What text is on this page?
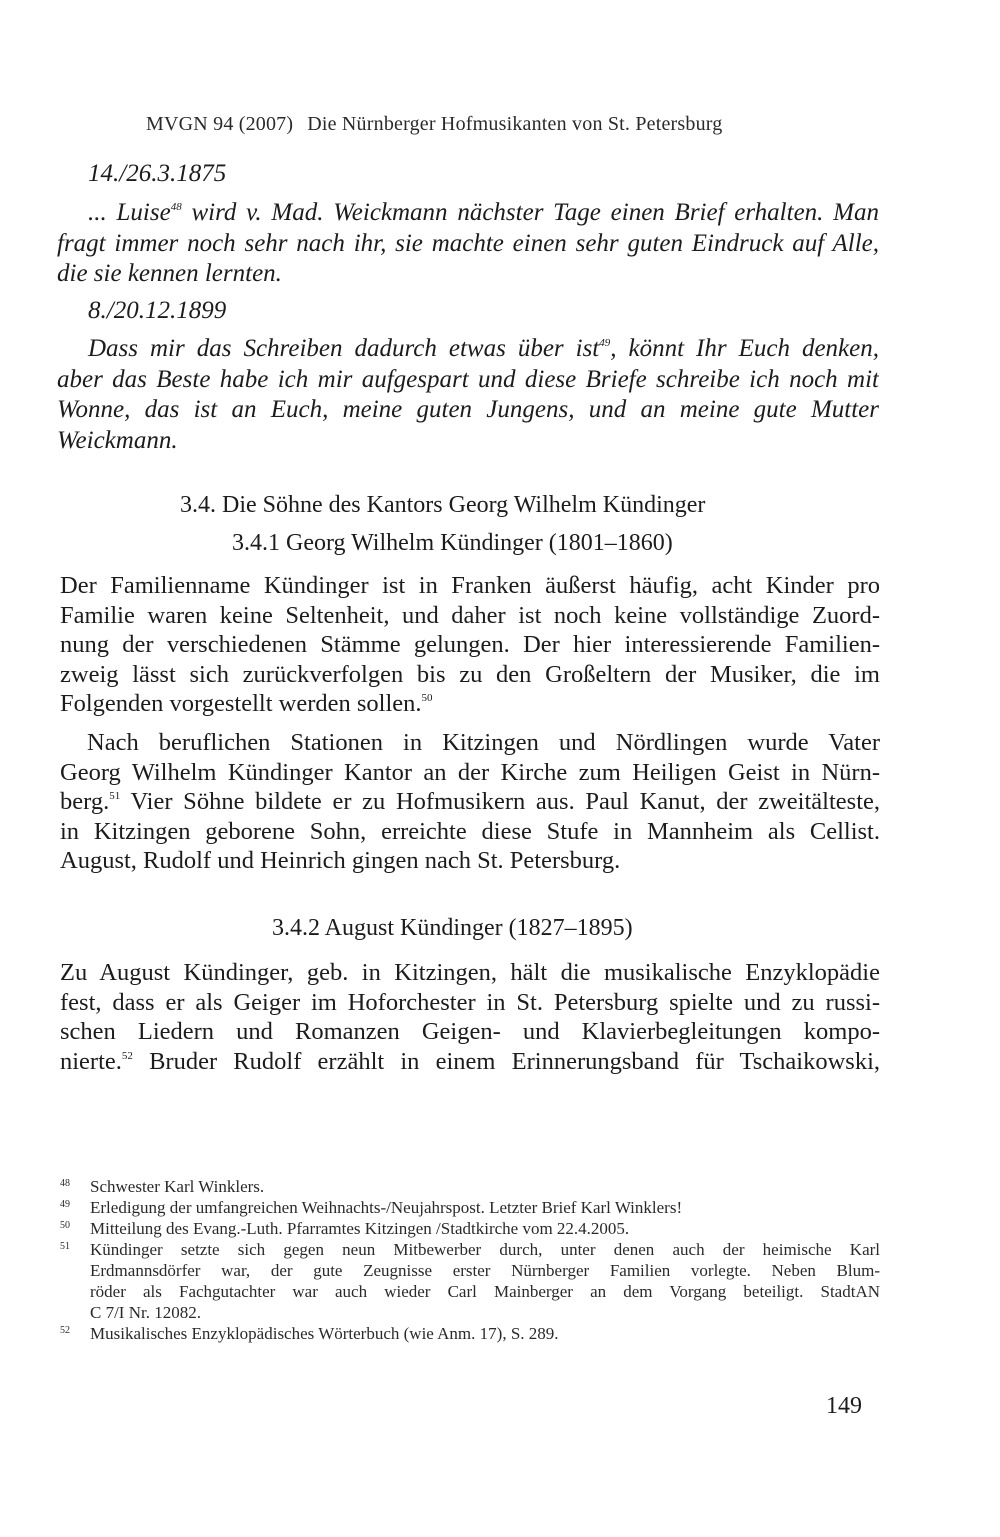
MVGN 94 (2007) Die Nürnberger Hofmusikanten von St. Petersburg
14./26.3.1875
... Luise$^{48}$ wird v. Mad. Weickmann nächster Tage einen Brief erhalten. Man
fragt immer noch sehr nach ihr, sie machte einen sehr guten Eindruck auf Alle,
die sie kennen lernten.
8./20.12.1899
Dass mir das Schreiben dadurch etwas über ist$^{49}$, könnt Ihr Euch denken,
aber das Beste habe ich mir aufgespart und diese Briefe schreibe ich noch mit
Wonne, das ist an Euch, meine guten Jungens, und an meine gute Mutter
Weickmann.
3.4. Die Söhne des Kantors Georg Wilhelm Kündinger
3.4.1 Georg Wilhelm Kündinger (1801–1860)
Der Familienname Kündinger ist in Franken äußerst häufig, acht Kinder pro
Familie waren keine Seltenheit, und daher ist noch keine vollständige Zuord-
nung der verschiedenen Stämme gelungen. Der hier interessierende Familien-
zweig lässt sich zurückverfolgen bis zu den Großeltern der Musiker, die im
Folgenden vorgestellt werden sollen.$^{50}$
Nach beruflichen Stationen in Kitzingen und Nördlingen wurde Vater
Georg Wilhelm Kündinger Kantor an der Kirche zum Heiligen Geist in Nürn-
berg.$^{51}$ Vier Söhne bildete er zu Hofmusikern aus. Paul Kanut, der zweitälteste,
in Kitzingen geborene Sohn, erreichte diese Stufe in Mannheim als Cellist.
August, Rudolf und Heinrich gingen nach St. Petersburg.
3.4.2 August Kündinger (1827–1895)
Zu August Kündinger, geb. in Kitzingen, hält die musikalische Enzyklopädie
fest, dass er als Geiger im Hoforchester in St. Petersburg spielte und zu russi-
schen Liedern und Romanzen Geigen- und Klavierbegleitungen kompo-
nierte.$^{52}$ Bruder Rudolf erzählt in einem Erinnerungsband für Tschaikowski,
48 Schwester Karl Winklers.
49 Erledigung der umfangreichen Weihnachts-/Neujahrspost. Letzter Brief Karl Winklers!
50 Mitteilung des Evang.-Luth. Pfarramtes Kitzingen /Stadtkirche vom 22.4.2005.
51 Kündinger setzte sich gegen neun Mitbewerber durch, unter denen auch der heimische Karl
Erdmannsdörfer war, der gute Zeugnisse erster Nürnberger Familien vorlegte. Neben Blum-
röder als Fachgutachter war auch wieder Carl Mainberger an dem Vorgang beteiligt. StadtAN
C 7/I Nr. 12082.
52 Musikalisches Enzyklopädisches Wörterbuch (wie Anm. 17), S. 289.
149
